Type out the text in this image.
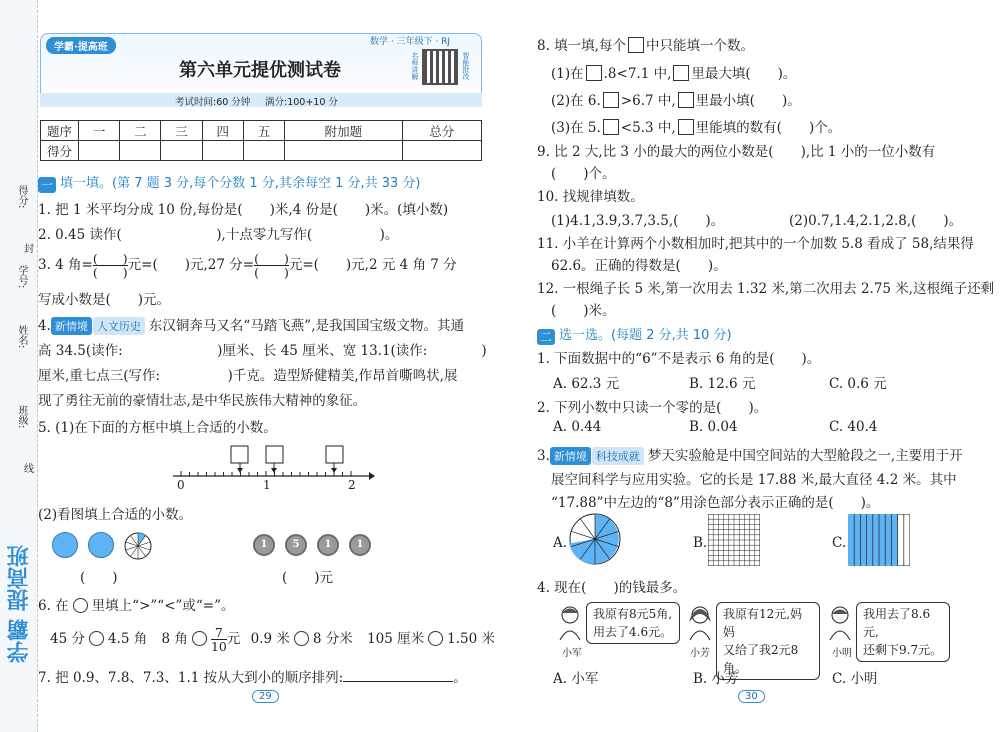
得分:
封
学号:
姓名:
班级:
线
学霸 提高班
学霸·提高班	数学 · 三年级下 · RJ
第六单元提优测试卷	名师讲解	智能批改
考试时间:60 分钟 满分:100+10 分
题序	一	二	三	四	五	附加题	总分
得分							
一 填一填。(第 7 题 3 分,每个分数 1 分,其余每空 1 分,共 33 分)
1. 把 1 米平均分成 10 份,每份是(　　)米,4 份是(　　)米。(填小数)
2. 0.45 读作(　　　　　　　),十点零九写作(　　　　　)。
3. 4 角= $\frac{( )}{( )}$ 元=(　　)元,27 分= $\frac{( )}{( )}$ 元=(　　)元,2 元 4 角 7 分
写成小数是(　　)元。
4. 新情境 人文历史 东汉铜奔马又名“马踏飞燕”,是我国国宝级文物。其通
高 34.5(读作:　　　　　　　)厘米、长 45 厘米、宽 13.1(读作:　　　　)
厘米,重七点三(写作:　　　　　)千克。造型矫健精美,作昂首嘶鸣状,展
现了勇往无前的豪情壮志,是中华民族伟大精神的象征。
5. (1)在下面的方框中填上合适的小数。
0	1	2
(2)看图填上合适的小数。
1	5	1	1
(　　)	(　　)元
6. 在 里填上“>”“<”或“=”。
45 分 4.5 角 8 角 $\frac{7}{10}$ 元 0.9 米 8 分米 105 厘米 1.50 米
7. 把 0.9、7.8、7.3、1.1 按从大到小的顺序排列:	。
29
8. 填一填,每个 中只能填一个数。
(1)在 .8<7.1 中, 里最大填(　　)。
(2)在 6. >6.7 中, 里最小填(　　)。
(3)在 5. <5.3 中, 里能填的数有(　　)个。
9. 比 2 大,比 3 小的最大的两位小数是(　　),比 1 小的一位小数有
(　　)个。
10. 找规律填数。
(1)4.1,3.9,3.7,3.5,(　　)。	(2)0.7,1.4,2.1,2.8,(　　)。
11. 小羊在计算两个小数相加时,把其中的一个加数 5.8 看成了 58,结果得
62.6。正确的得数是(　　)。
12. 一根绳子长 5 米,第一次用去 1.32 米,第二次用去 2.75 米,这根绳子还剩
(　　)米。
二 选一选。(每题 2 分,共 10 分)
1. 下面数据中的“6”不是表示 6 角的是(　　)。
A. 62.3 元	B. 12.6 元	C. 0.6 元
2. 下列小数中只读一个零的是(　　)。
A. 0.44	B. 0.04	C. 40.4
3. 新情境 科技成就 梦天实验舱是中国空间站的大型舱段之一,主要用于开
展空间科学与应用实验。它的长是 17.88 米,最大直径 4.2 米。其中
“17.88”中左边的“8”用涂色部分表示正确的是(　　)。
A.	B.	C.
4. 现在(　　)的钱最多。
我原有8元5角,
用去了4.6元。
我原有12元,妈妈
又给了我2元8角。
我用去了8.6元,
还剩下9.7元。
小军	小芳	小明
A. 小军	B. 小芳	C. 小明
30
